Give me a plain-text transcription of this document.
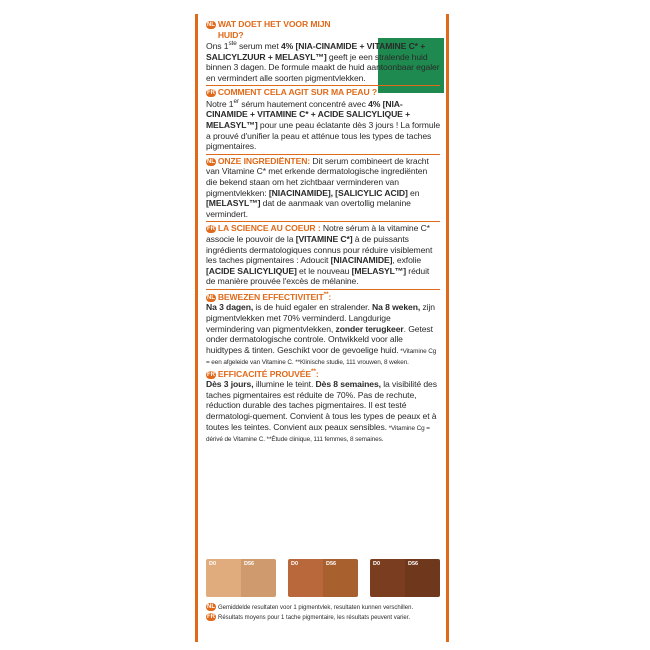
NL WAT DOET HET VOOR MIJN HUID?
Ons 1ste serum met 4% [NIA-CINAMIDE + VITAMINE C* + SALICYLZUUR + MELASYL™] geeft je een stralende huid binnen 3 dagen. De formule maakt de huid aantoonbaar egaler en vermindert alle soorten pigmentvlekken.
FR COMMENT CELA AGIT SUR MA PEAU ?
Notre 1er sérum hautement concentré avec 4% [NIA-CINAMIDE + VITAMINE C* + ACIDE SALICYLIQUE + MELASYL™] pour une peau éclatante dès 3 jours ! La formule a prouvé d'unifier la peau et atténue tous les types de taches pigmentaires.
NL ONZE INGREDIËNTEN: Dit serum combineert de kracht van Vitamine C* met erkende dermatologische ingrediënten die bekend staan om het zichtbaar verminderen van pigmentvlekken: [NIACINAMIDE], [SALICYLIC ACID] en [MELASYL™] dat de aanmaak van overtollig melanine vermindert.
FR LA SCIENCE AU COEUR : Notre sérum à la vitamine C* associe le pouvoir de la [VITAMINE C*] à de puissants ingrédients dermatologiques connus pour réduire visiblement les taches pigmentaires : Adoucit [NIACINAMIDE], exfolie [ACIDE SALICYLIQUE] et le nouveau [MELASYL™] réduit de manière prouvée l'excès de mélanine.
NL BEWEZEN EFFECTIVITEIT**:
Na 3 dagen, is de huid egaler en stralender. Na 8 weken, zijn pigmentvlekken met 70% verminderd. Langdurige vermindering van pigmentvlekken, zonder terugkeer. Getest onder dermatologische controle. Ontwikkeld voor alle huidtypes & tinten. Geschikt voor de gevoelige huid. *Vitamine Cg = een afgeleide van Vitamine C. **Klinische studie, 111 vrouwen, 8 weken.
FR EFFICACITÉ PROUVÉE**:
Dès 3 jours, illumine le teint. Dès 8 semaines, la visibilité des taches pigmentaires est réduite de 70%. Pas de rechute, réduction durable des taches pigmentaires. Il est testé dermatologi-quement. Convient à tous les types de peaux et à toutes les teintes. Convient aux peaux sensibles. *Vitamine Cg = dérivé de Vitamine C. **Étude clinique, 111 femmes, 8 semaines.
D0	D56	D0	D56	D0	D56
NL Gemiddelde resultaten voor 1 pigmentvlek, resultaten kunnen verschillen.
FR Résultats moyens pour 1 tache pigmentaire, les résultats peuvent varier.
